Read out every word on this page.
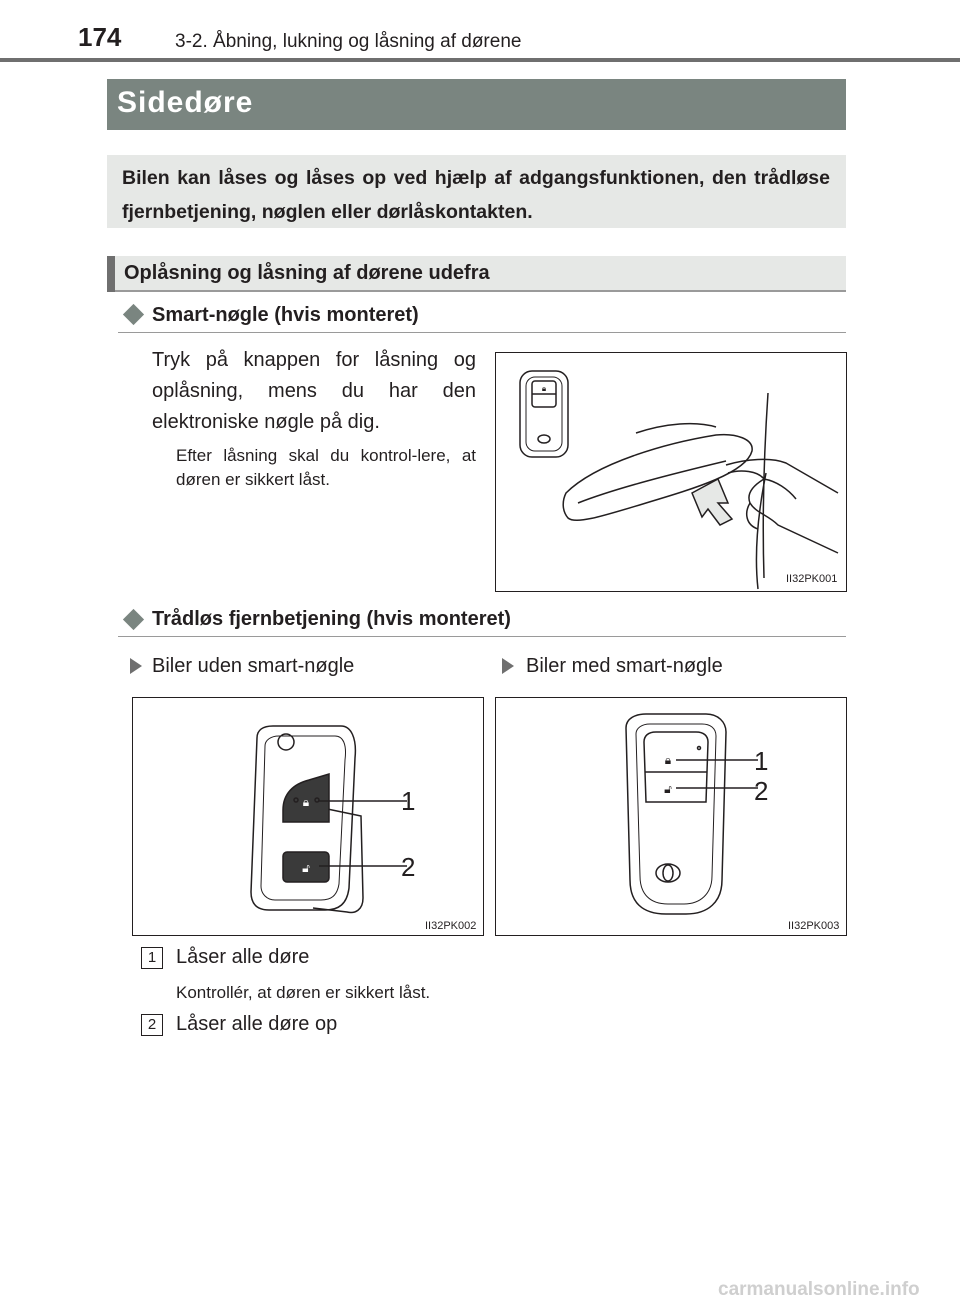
174	3-2. Åbning, lukning og låsning af dørene
Sidedøre
Bilen kan låses og låses op ved hjælp af adgangsfunktionen, den trådløse fjernbetjening, nøglen eller dørlåskontakten.
Oplåsning og låsning af dørene udefra
Smart-nøgle (hvis monteret)
Tryk på knappen for låsning og oplåsning, mens du har den elektroniske nøgle på dig.
Efter låsning skal du kontrol-lere, at døren er sikkert låst.
🔒︎
II32PK001
Trådløs fjernbetjening (hvis monteret)
Biler uden smart-nøgle	Biler med smart-nøgle
🔒︎
🔓︎
1
2
II32PK002
🔒︎
🔓︎
1
2
II32PK003
1 Låser alle døre
Kontrollér, at døren er sikkert låst.
2 Låser alle døre op
carmanualsonline.info
